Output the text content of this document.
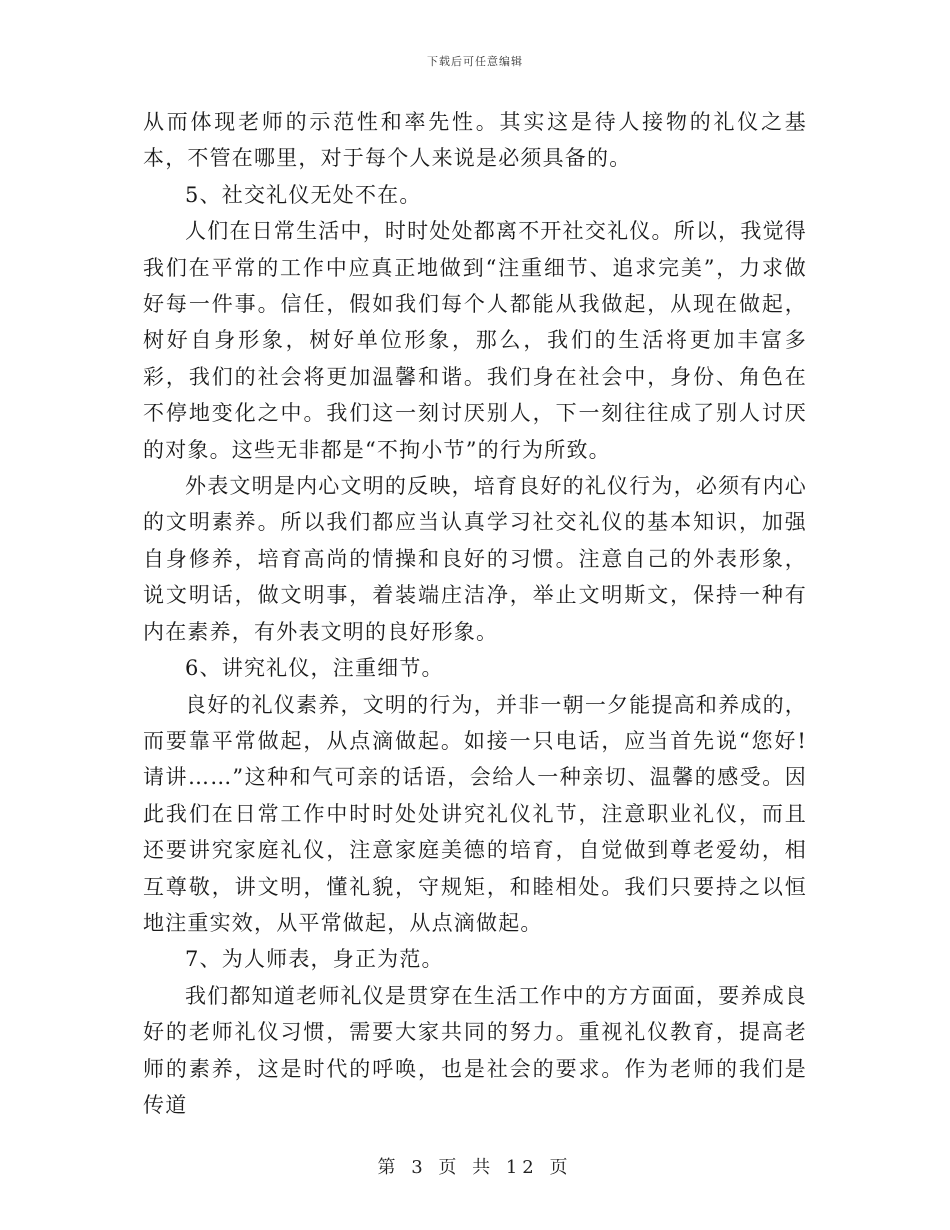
下载后可任意编辑

从而体现老师的示范性和率先性。其实这是待人接物的礼仪之基本，不管在哪里，对于每个人来说是必须具备的。

5、社交礼仪无处不在。

人们在日常生活中，时时处处都离不开社交礼仪。所以，我觉得我们在平常的工作中应真正地做到“注重细节、追求完美”，力求做好每一件事。信任，假如我们每个人都能从我做起，从现在做起，树好自身形象，树好单位形象，那么，我们的生活将更加丰富多彩，我们的社会将更加温馨和谐。我们身在社会中，身份、角色在不停地变化之中。我们这一刻讨厌别人，下一刻往往成了别人讨厌的对象。这些无非都是“不拘小节”的行为所致。

外表文明是内心文明的反映，培育良好的礼仪行为，必须有内心的文明素养。所以我们都应当认真学习社交礼仪的基本知识，加强自身修养，培育高尚的情操和良好的习惯。注意自己的外表形象，说文明话，做文明事，着装端庄洁净，举止文明斯文，保持一种有内在素养，有外表文明的良好形象。

6、讲究礼仪，注重细节。

良好的礼仪素养，文明的行为，并非一朝一夕能提高和养成的，而要靠平常做起，从点滴做起。如接一只电话，应当首先说“您好!请讲……”这种和气可亲的话语，会给人一种亲切、温馨的感受。因此我们在日常工作中时时处处讲究礼仪礼节，注意职业礼仪，而且还要讲究家庭礼仪，注意家庭美德的培育，自觉做到尊老爱幼，相互尊敬，讲文明，懂礼貌，守规矩，和睦相处。我们只要持之以恒地注重实效，从平常做起，从点滴做起。

7、为人师表，身正为范。

我们都知道老师礼仪是贯穿在生活工作中的方方面面，要养成良好的老师礼仪习惯，需要大家共同的努力。重视礼仪教育，提高老师的素养，这是时代的呼唤，也是社会的要求。作为老师的我们是传道

第 3 页 共 12 页
